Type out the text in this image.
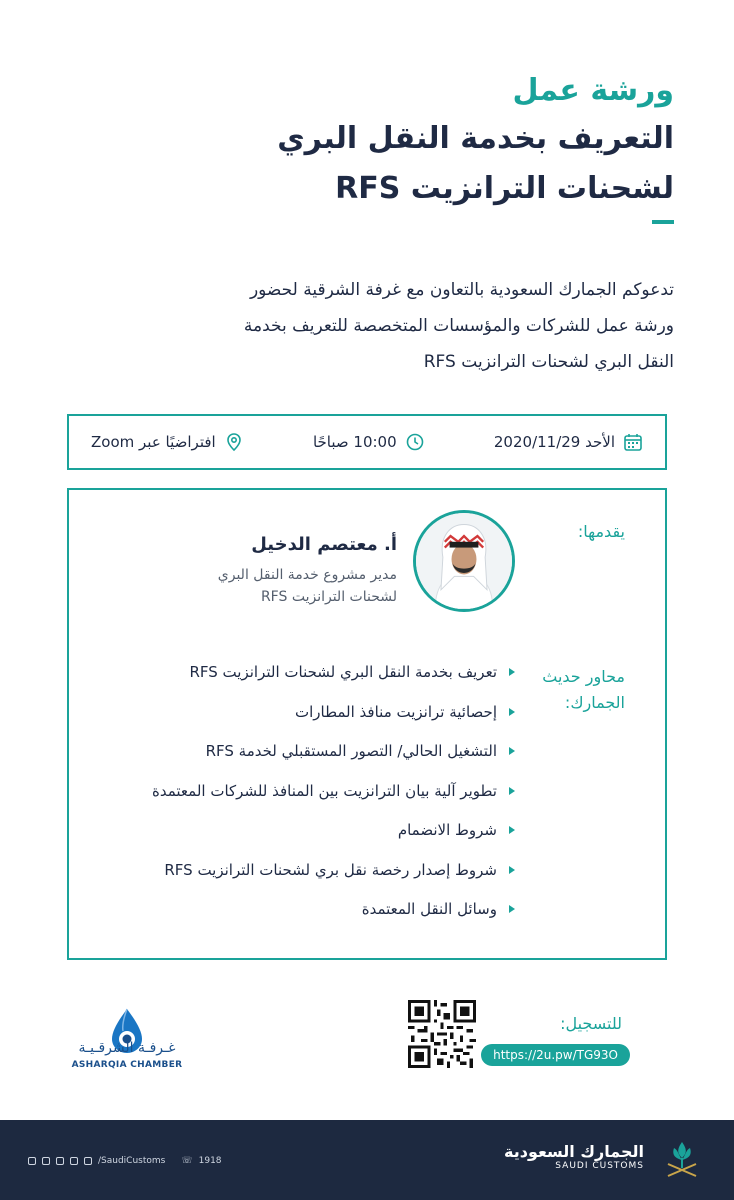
ورشة عمل
التعريف بخدمة النقل البري
لشحنات الترانزيت RFS
تدعوكم الجمارك السعودية بالتعاون مع غرفة الشرقية لحضور
ورشة عمل للشركات والمؤسسات المتخصصة للتعريف بخدمة
النقل البري لشحنات الترانزيت RFS
الأحد 2020/11/29
10:00 صباحًا
افتراضيًا عبر Zoom
يقدمها:
أ. معتصم الدخيل
مدير مشروع خدمة النقل البري
لشحنات الترانزيت RFS
محاور حديث
الجمارك:
تعريف بخدمة النقل البري لشحنات الترانزيت RFS
إحصائية ترانزيت منافذ المطارات
التشغيل الحالي/ التصور المستقبلي لخدمة RFS
تطوير آلية بيان الترانزيت بين المنافذ للشركات المعتمدة
شروط الانضمام
شروط إصدار رخصة نقل بري لشحنات الترانزيت RFS
وسائل النقل المعتمدة
للتسجيل:
https://2u.pw/TG93O
غـرفـة الشرقـيـة
ASHARQIA CHAMBER
/SaudiCustoms ☏ 1918	الجمارك السعودية
SAUDI CUSTOMS
